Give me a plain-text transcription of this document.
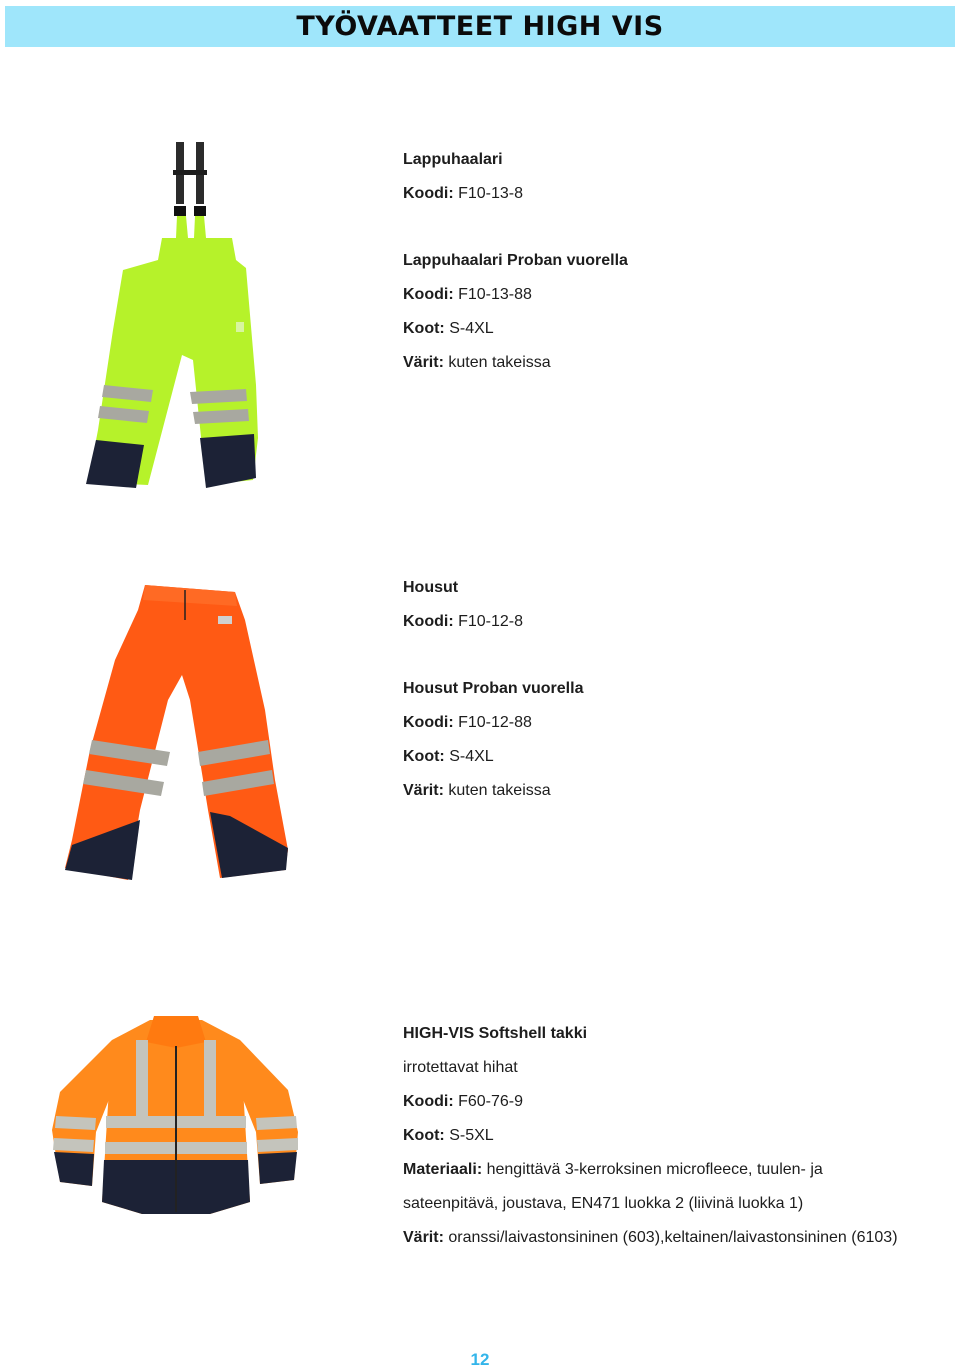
TYÖVAATTEET HIGH VIS
Lappuhaalari
Koodi: F10-13-8
Lappuhaalari Proban vuorella
Koodi: F10-13-88
Koot: S-4XL
Värit: kuten takeissa
Housut
Koodi: F10-12-8
Housut Proban vuorella
Koodi: F10-12-88
Koot: S-4XL
Värit: kuten takeissa
HIGH-VIS Softshell takki
irrotettavat hihat
Koodi: F60-76-9
Koot: S-5XL
Materiaali: hengittävä 3-kerroksinen microfleece, tuulen- ja
sateenpitävä, joustava, EN471 luokka 2 (liivinä luokka 1)
Värit: oranssi/laivastonsininen (603),keltainen/laivastonsininen (6103)
12
